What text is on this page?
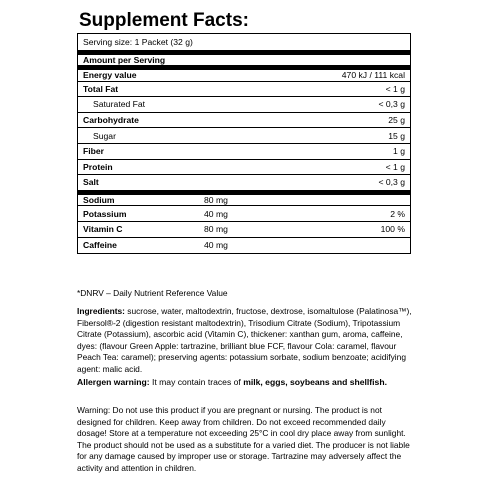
Supplement Facts:
Serving size: 1 Packet (32 g)
Amount per Serving
Energy value	470 kJ / 111 kcal
Total Fat	< 1 g
Saturated Fat	< 0,3 g
Carbohydrate	25 g
Sugar	15 g
Fiber	1 g
Protein	< 1 g
Salt	< 0,3 g
Sodium	80 mg
Potassium	40 mg	2 %
Vitamin C	80 mg	100 %
Caffeine	40 mg
*DNRV – Daily Nutrient Reference Value
Ingredients: sucrose, water, maltodextrin, fructose, dextrose, isomaltulose (Palatinosa™), Fibersol®-2 (digestion resistant maltodextrin), Trisodium Citrate (Sodium), Tripotassium Citrate (Potassium), ascorbic acid (Vitamin C), thickener: xanthan gum, aroma, caffeine, dyes: (flavour Green Apple: tartrazine, brilliant blue FCF, flavour Cola: caramel, flavour Peach Tea: caramel); preserving agents: potassium sorbate, sodium benzoate; acidifying agent: malic acid.
Allergen warning: It may contain traces of milk, eggs, soybeans and shellfish.
Warning: Do not use this product if you are pregnant or nursing. The product is not designed for children. Keep away from children. Do not exceed recommended daily dosage! Store at a temperature not exceeding 25°C in cool dry place away from sunlight. The product should not be used as a substitute for a varied diet. The producer is not liable for any damage caused by improper use or storage. Tartrazine may adversely affect the activity and attention in children.
